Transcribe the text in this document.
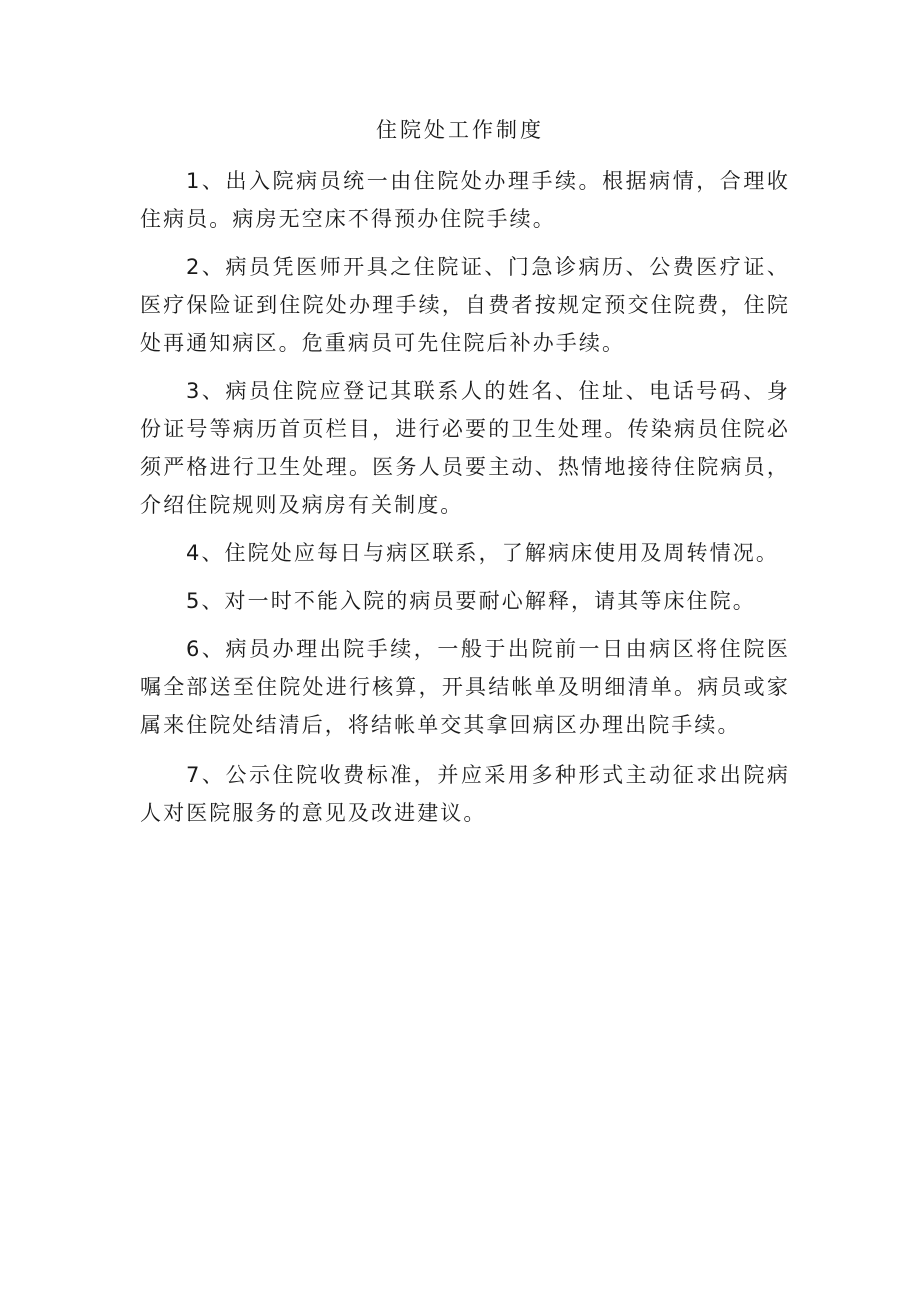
住院处工作制度

1、出入院病员统一由住院处办理手续。根据病情，合理收住病员。病房无空床不得预办住院手续。

2、病员凭医师开具之住院证、门急诊病历、公费医疗证、医疗保险证到住院处办理手续，自费者按规定预交住院费，住院处再通知病区。危重病员可先住院后补办手续。

3、病员住院应登记其联系人的姓名、住址、电话号码、身份证号等病历首页栏目，进行必要的卫生处理。传染病员住院必须严格进行卫生处理。医务人员要主动、热情地接待住院病员，介绍住院规则及病房有关制度。

4、住院处应每日与病区联系，了解病床使用及周转情况。

5、对一时不能入院的病员要耐心解释，请其等床住院。

6、病员办理出院手续，一般于出院前一日由病区将住院医嘱全部送至住院处进行核算，开具结帐单及明细清单。病员或家属来住院处结清后，将结帐单交其拿回病区办理出院手续。

7、公示住院收费标准，并应采用多种形式主动征求出院病人对医院服务的意见及改进建议。
